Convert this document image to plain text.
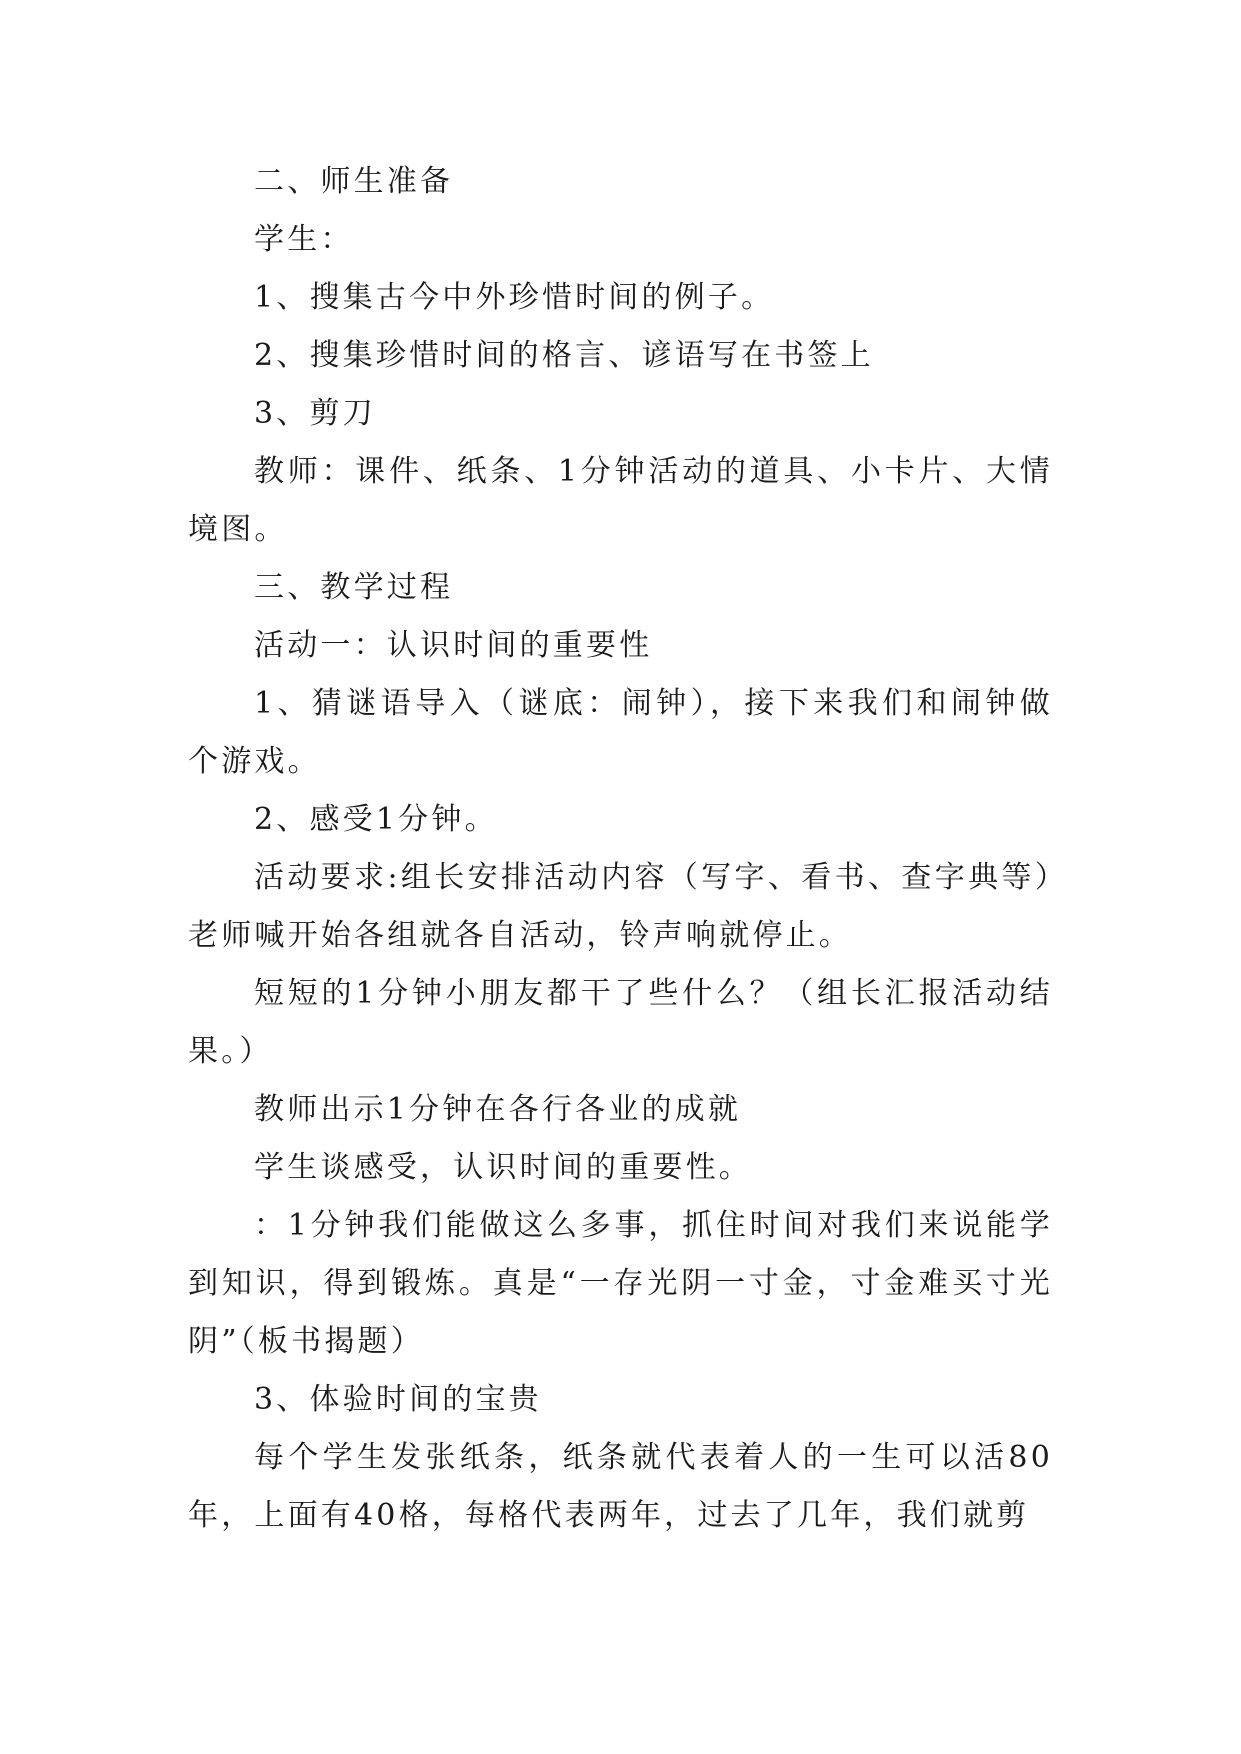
二、师生准备

学生：

1、搜集古今中外珍惜时间的例子。

2、搜集珍惜时间的格言、谚语写在书签上

3、剪刀

教师：课件、纸条、1分钟活动的道具、小卡片、大情境图。

三、教学过程

活动一：认识时间的重要性

1、猜谜语导入（谜底：闹钟），接下来我们和闹钟做个游戏。

2、感受1分钟。

活动要求:组长安排活动内容（写字、看书、查字典等）老师喊开始各组就各自活动，铃声响就停止。

短短的1分钟小朋友都干了些什么？（组长汇报活动结果。）

教师出示1分钟在各行各业的成就

学生谈感受，认识时间的重要性。

：1分钟我们能做这么多事，抓住时间对我们来说能学到知识，得到锻炼。真是“一存光阴一寸金，寸金难买寸光阴”（板书揭题）

3、体验时间的宝贵

每个学生发张纸条，纸条就代表着人的一生可以活80年，上面有40格，每格代表两年，过去了几年，我们就剪
